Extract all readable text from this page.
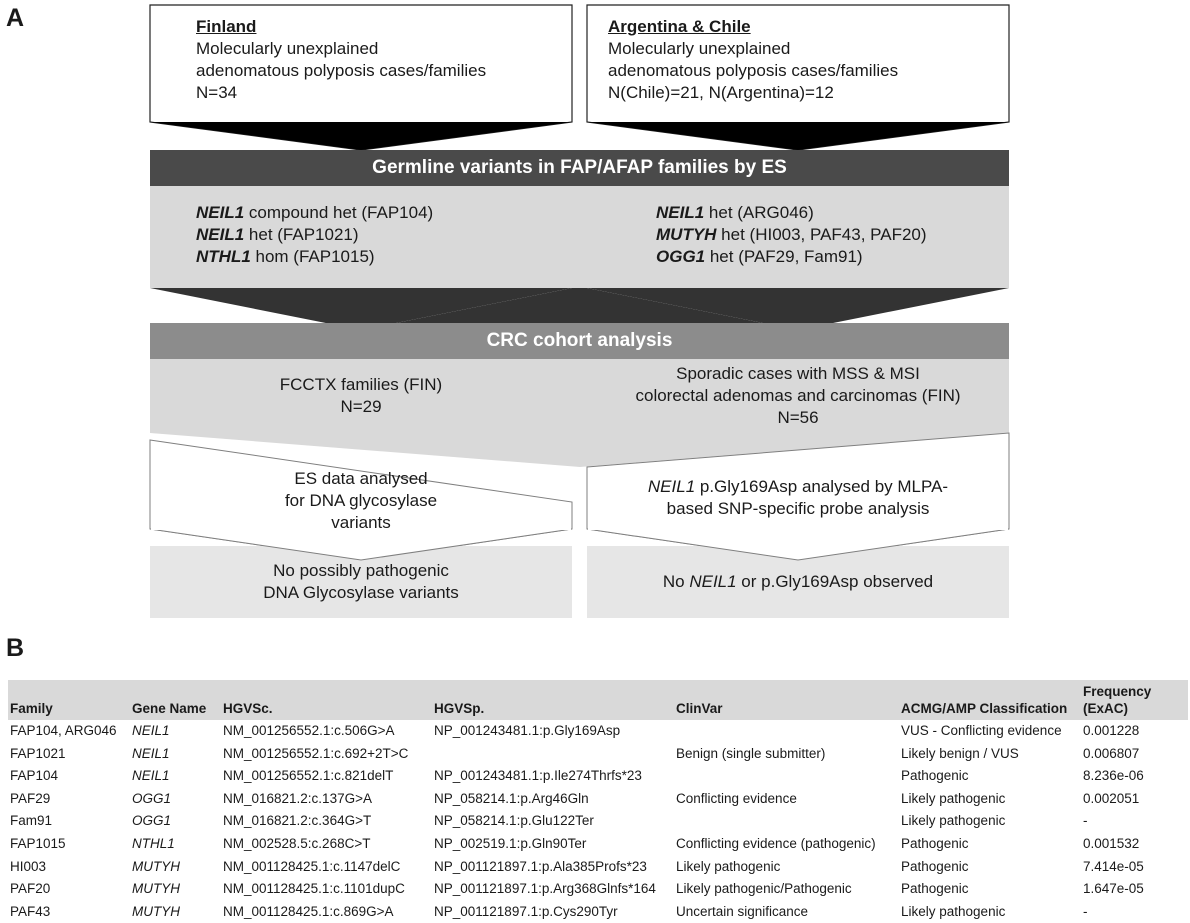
A
B
Finland
Molecularly unexplained
adenomatous polyposis cases/families
N=34
Argentina & Chile
Molecularly unexplained
adenomatous polyposis cases/families
N(Chile)=21, N(Argentina)=12
Germline variants in FAP/AFAP families by ES
NEIL1 compound het (FAP104)
NEIL1 het (FAP1021)
NTHL1 hom (FAP1015)
NEIL1 het (ARG046)
MUTYH het (HI003, PAF43, PAF20)
OGG1 het (PAF29, Fam91)
CRC cohort analysis
FCCTX families (FIN)
N=29
Sporadic cases with MSS & MSI
colorectal adenomas and carcinomas (FIN)
N=56
ES data analysed
for DNA glycosylase
variants
NEIL1 p.Gly169Asp analysed by MLPA-
based SNP-specific probe analysis
No possibly pathogenic
DNA Glycosylase variants
No NEIL1 or p.Gly169Asp observed
Family	Gene Name	HGVSc.	HGVSp.	ClinVar	ACMG/AMP Classification	Frequency (ExAC)
FAP104, ARG046	NEIL1	NM_001256552.1:c.506G>A	NP_001243481.1:p.Gly169Asp		VUS - Conflicting evidence	0.001228
FAP1021	NEIL1	NM_001256552.1:c.692+2T>C		Benign (single submitter)	Likely benign / VUS	0.006807
FAP104	NEIL1	NM_001256552.1:c.821delT	NP_001243481.1:p.Ile274Thrfs*23		Pathogenic	8.236e-06
PAF29	OGG1	NM_016821.2:c.137G>A	NP_058214.1:p.Arg46Gln	Conflicting evidence	Likely pathogenic	0.002051
Fam91	OGG1	NM_016821.2:c.364G>T	NP_058214.1:p.Glu122Ter		Likely pathogenic	-
FAP1015	NTHL1	NM_002528.5:c.268C>T	NP_002519.1:p.Gln90Ter	Conflicting evidence (pathogenic)	Pathogenic	0.001532
HI003	MUTYH	NM_001128425.1:c.1147delC	NP_001121897.1:p.Ala385Profs*23	Likely pathogenic	Pathogenic	7.414e-05
PAF20	MUTYH	NM_001128425.1:c.1101dupC	NP_001121897.1:p.Arg368Glnfs*164	Likely pathogenic/Pathogenic	Pathogenic	1.647e-05
PAF43	MUTYH	NM_001128425.1:c.869G>A	NP_001121897.1:p.Cys290Tyr	Uncertain significance	Likely pathogenic	-
